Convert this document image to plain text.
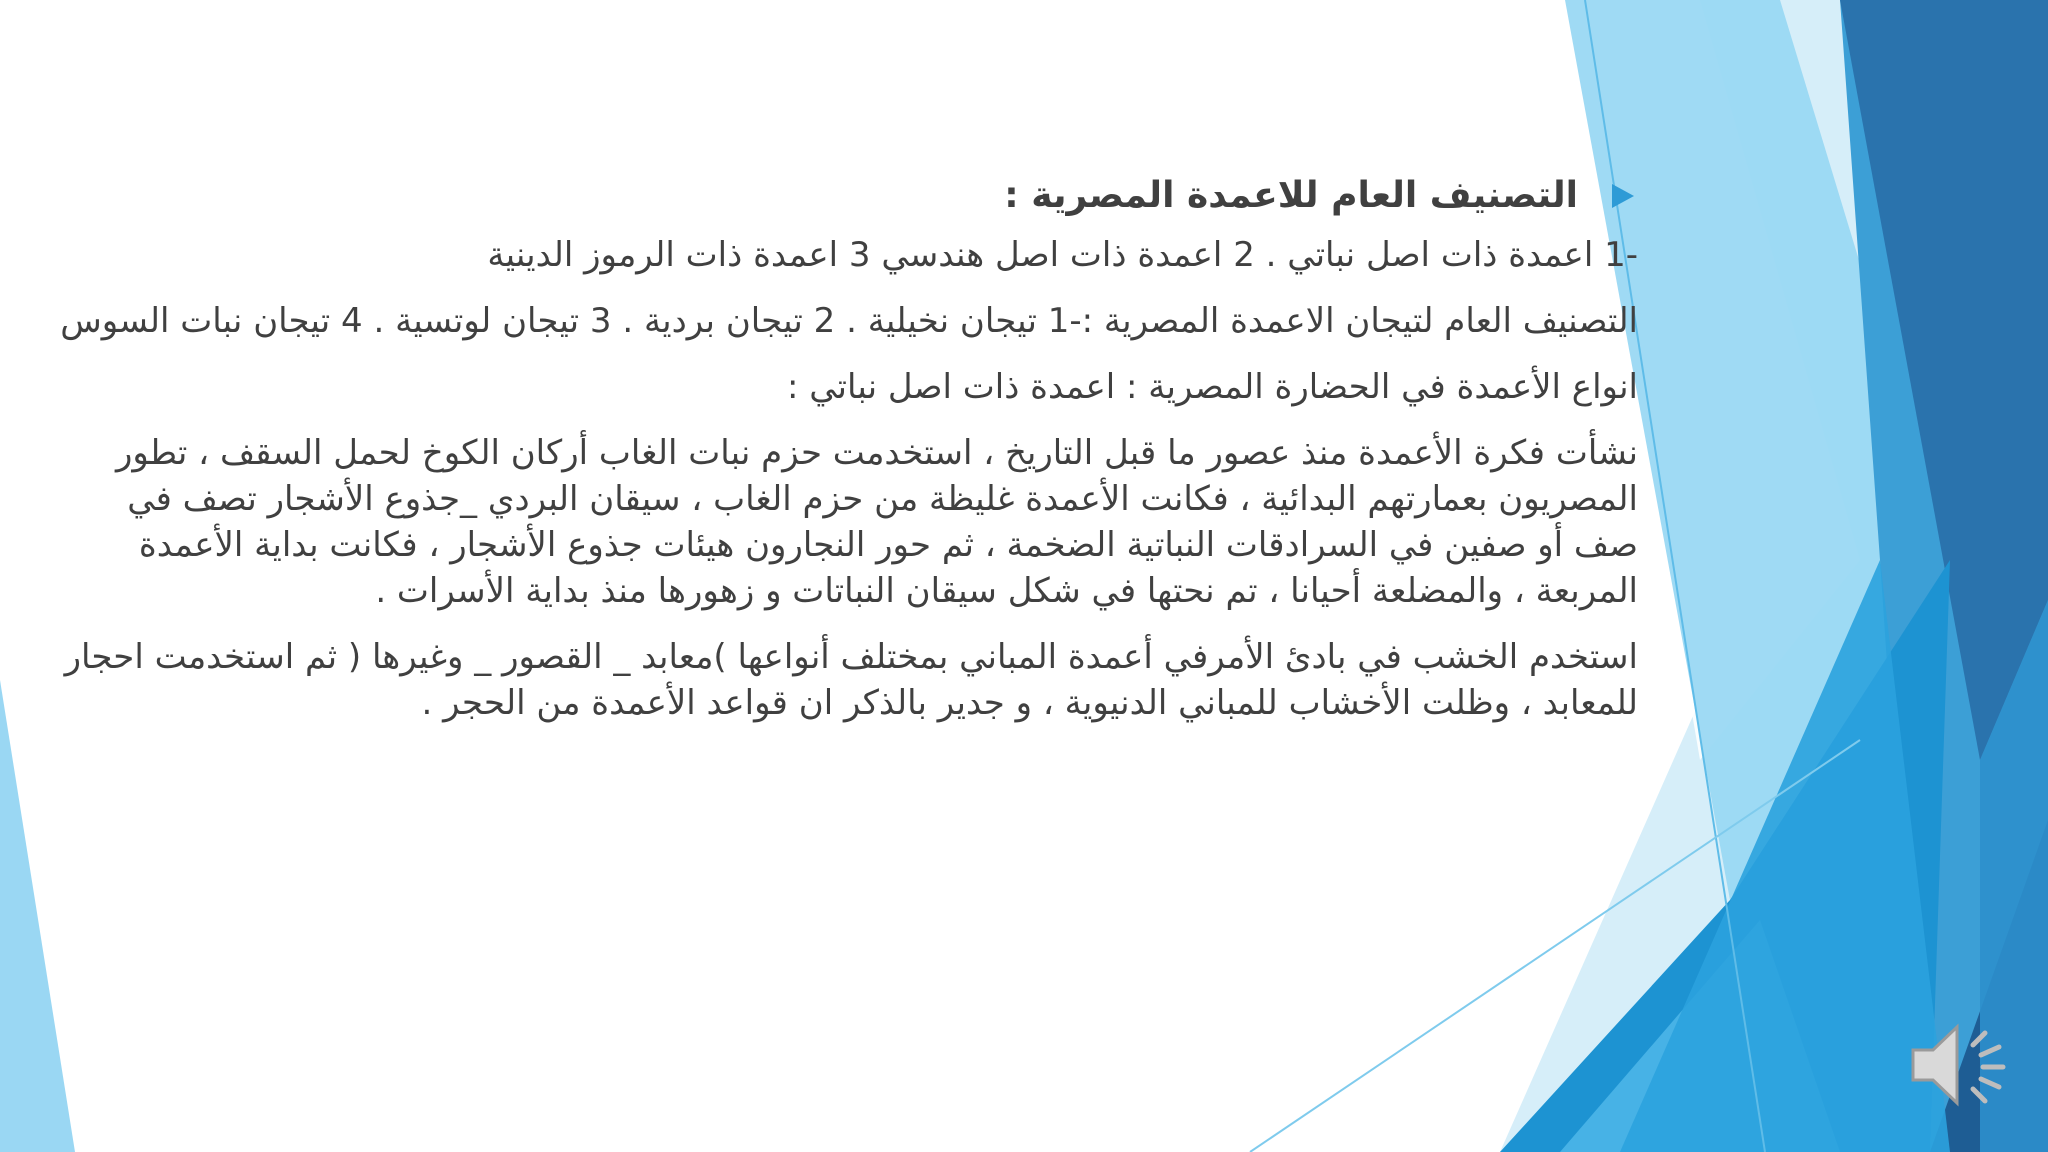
التصنيف العام للاعمدة المصرية :

-1 اعمدة ذات اصل نباتي . 2 اعمدة ذات اصل هندسي 3 اعمدة ذات الرموز الدينية

التصنيف العام لتيجان الاعمدة المصرية :-1 تيجان نخيلية . 2 تيجان بردية . 3 تيجان لوتسية . 4 تيجان نبات السوس

انواع الأعمدة في الحضارة المصرية : اعمدة ذات اصل نباتي :

نشأت فكرة الأعمدة منذ عصور ما قبل التاريخ ، استخدمت حزم نبات الغاب أركان الكوخ لحمل السقف ، تطور المصريون بعمارتهم البدائية ، فكانت الأعمدة غليظة من حزم الغاب ، سيقان البردي _جذوع الأشجار تصف في صف أو صفين في السرادقات النباتية الضخمة ، ثم حور النجارون هيئات جذوع الأشجار ، فكانت بداية الأعمدة المربعة ، والمضلعة أحيانا ، تم نحتها في شكل سيقان النباتات و زهورها منذ بداية الأسرات .

استخدم الخشب في بادئ الأمرفي أعمدة المباني بمختلف أنواعها )معابد _ القصور _ وغيرها ( ثم استخدمت احجار للمعابد ، وظلت الأخشاب للمباني الدنيوية ، و جدير بالذكر ان قواعد الأعمدة من الحجر .
